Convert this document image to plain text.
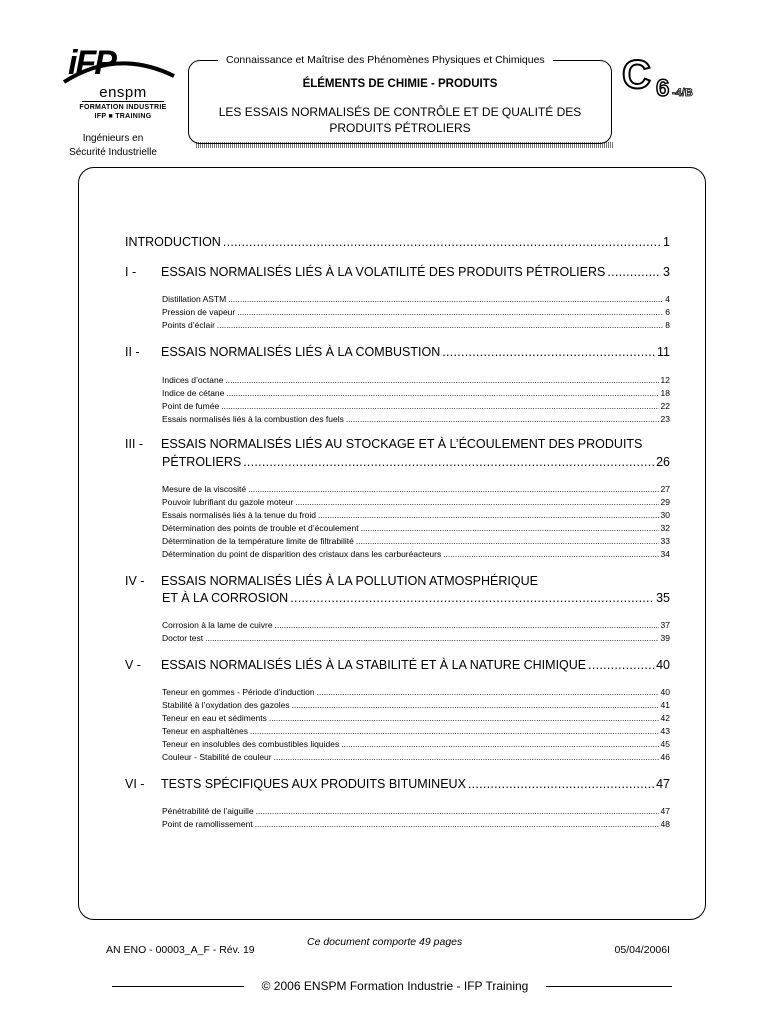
iFP
enspm
FORMATION INDUSTRIE
IFP ■ TRAINING
Ingénieurs en
Sécurité Industrielle
Connaissance et Maîtrise des Phénomènes Physiques et Chimiques
ÉLÉMENTS DE CHIMIE - PRODUITS
LES ESSAIS NORMALISÉS DE CONTRÔLE ET DE QUALITÉ DES
PRODUITS PÉTROLIERS
C 6 -4/B
INTRODUCTION . . .	1
I -	ESSAIS NORMALISÉS LIÉS À LA VOLATILITÉ DES PRODUITS PÉTROLIERS . . .	3
Distillation ASTM . . .	4
Pression de vapeur . . .	6
Points d’éclair . . .	8
II -	ESSAIS NORMALISÉS LIÉS À LA COMBUSTION . . .	11
Indices d’octane . . .	12
Indice de cétane . . .	18
Point de fumée . . .	22
Essais normalisés liés à la combustion des fuels . . .	23
III -	ESSAIS NORMALISÉS LIÉS AU STOCKAGE ET À L’ÉCOULEMENT DES PRODUITS
PÉTROLIERS . . .	26
Mesure de la viscosité . . .	27
Pouvoir lubrifiant du gazole moteur . . .	29
Essais normalisés liés à la tenue du froid . . .	30
Détermination des points de trouble et d’écoulement . . .	32
Détermination de la température limite de filtrabilité . . .	33
Détermination du point de disparition des cristaux dans les carburéacteurs . . .	34
IV -	ESSAIS NORMALISÉS LIÉS À LA POLLUTION ATMOSPHÉRIQUE
ET À LA CORROSION . . .	35
Corrosion à la lame de cuivre . . .	37
Doctor test . . .	39
V -	ESSAIS NORMALISÉS LIÉS À LA STABILITÉ ET À LA NATURE CHIMIQUE . . .	40
Teneur en gommes - Période d’induction . . .	40
Stabilité à l’oxydation des gazoles . . .	41
Teneur en eau et sédiments . . .	42
Teneur en asphaltènes . . .	43
Teneur en insolubles des combustibles liquides . . .	45
Couleur - Stabilité de couleur . . .	46
VI -	TESTS SPÉCIFIQUES AUX PRODUITS BITUMINEUX . . .	47
Pénétrabilité de l’aiguille . . .	47
Point de ramollissement . . .	48
AN ENO - 00003_A_F - Rév. 19
Ce document comporte 49 pages
05/04/2006I
© 2006 ENSPM Formation Industrie - IFP Training
